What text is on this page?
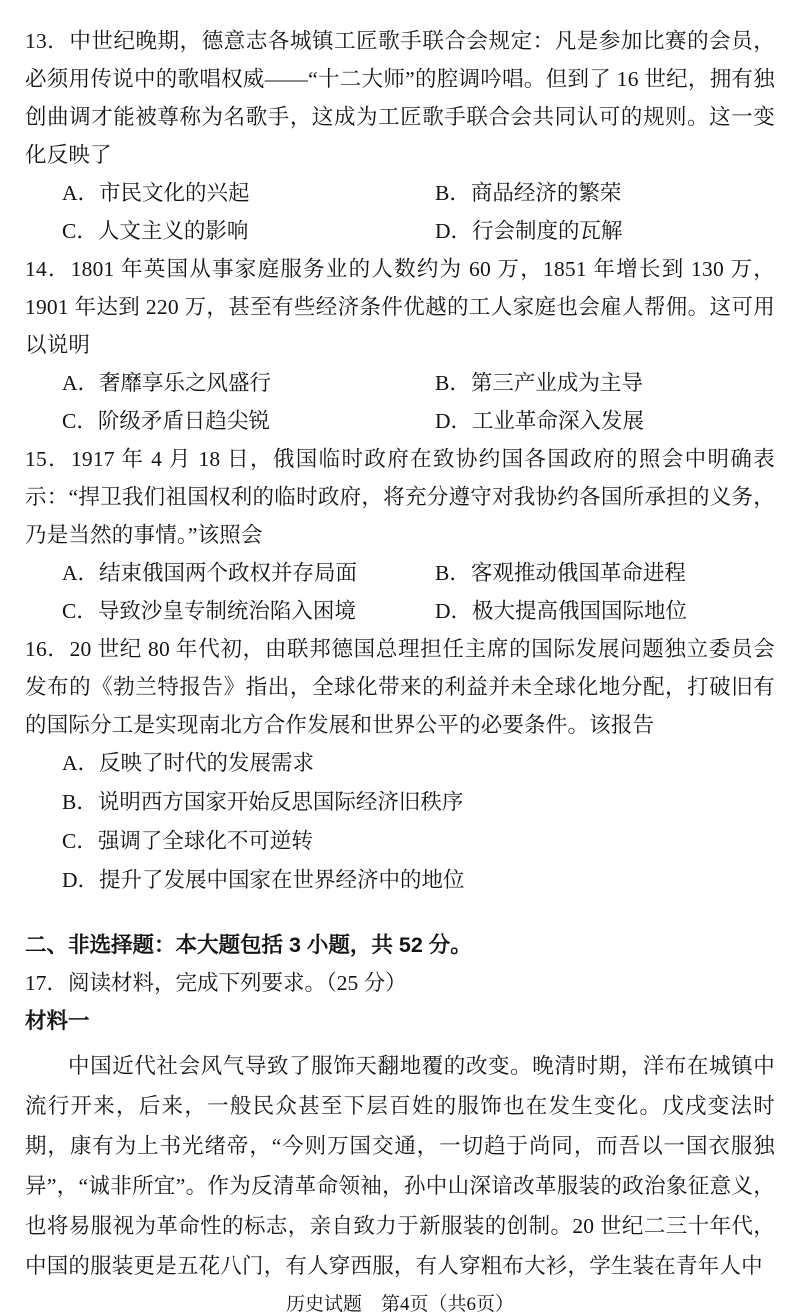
13．中世纪晚期，德意志各城镇工匠歌手联合会规定：凡是参加比赛的会员，必须用传说中的歌唱权威——“十二大师”的腔调吟唱。但到了 16 世纪，拥有独创曲调才能被尊称为名歌手，这成为工匠歌手联合会共同认可的规则。这一变化反映了

A．市民文化的兴起	B．商品经济的繁荣
C．人文主义的影响	D．行会制度的瓦解

14．1801 年英国从事家庭服务业的人数约为 60 万，1851 年增长到 130 万，1901 年达到 220 万，甚至有些经济条件优越的工人家庭也会雇人帮佣。这可用以说明

A．奢靡享乐之风盛行	B．第三产业成为主导
C．阶级矛盾日趋尖锐	D．工业革命深入发展

15．1917 年 4 月 18 日，俄国临时政府在致协约国各国政府的照会中明确表示：“捍卫我们祖国权利的临时政府，将充分遵守对我协约各国所承担的义务，乃是当然的事情。”该照会

A．结束俄国两个政权并存局面	B．客观推动俄国革命进程
C．导致沙皇专制统治陷入困境	D．极大提高俄国国际地位

16．20 世纪 80 年代初，由联邦德国总理担任主席的国际发展问题独立委员会发布的《勃兰特报告》指出，全球化带来的利益并未全球化地分配，打破旧有的国际分工是实现南北方合作发展和世界公平的必要条件。该报告

A．反映了时代的发展需求
B．说明西方国家开始反思国际经济旧秩序
C．强调了全球化不可逆转
D．提升了发展中国家在世界经济中的地位

二、非选择题：本大题包括 3 小题，共 52 分。

17．阅读材料，完成下列要求。（25 分）

材料一

中国近代社会风气导致了服饰天翻地覆的改变。晚清时期，洋布在城镇中流行开来，后来，一般民众甚至下层百姓的服饰也在发生变化。戊戌变法时期，康有为上书光绪帝，“今则万国交通，一切趋于尚同，而吾以一国衣服独异”，“诚非所宜”。作为反清革命领袖，孙中山深谙改革服装的政治象征意义，也将易服视为革命性的标志，亲自致力于新服装的创制。20 世纪二三十年代，中国的服装更是五花八门，有人穿西服，有人穿粗布大衫，学生装在青年人中

历史试题　第4页（共6页）
